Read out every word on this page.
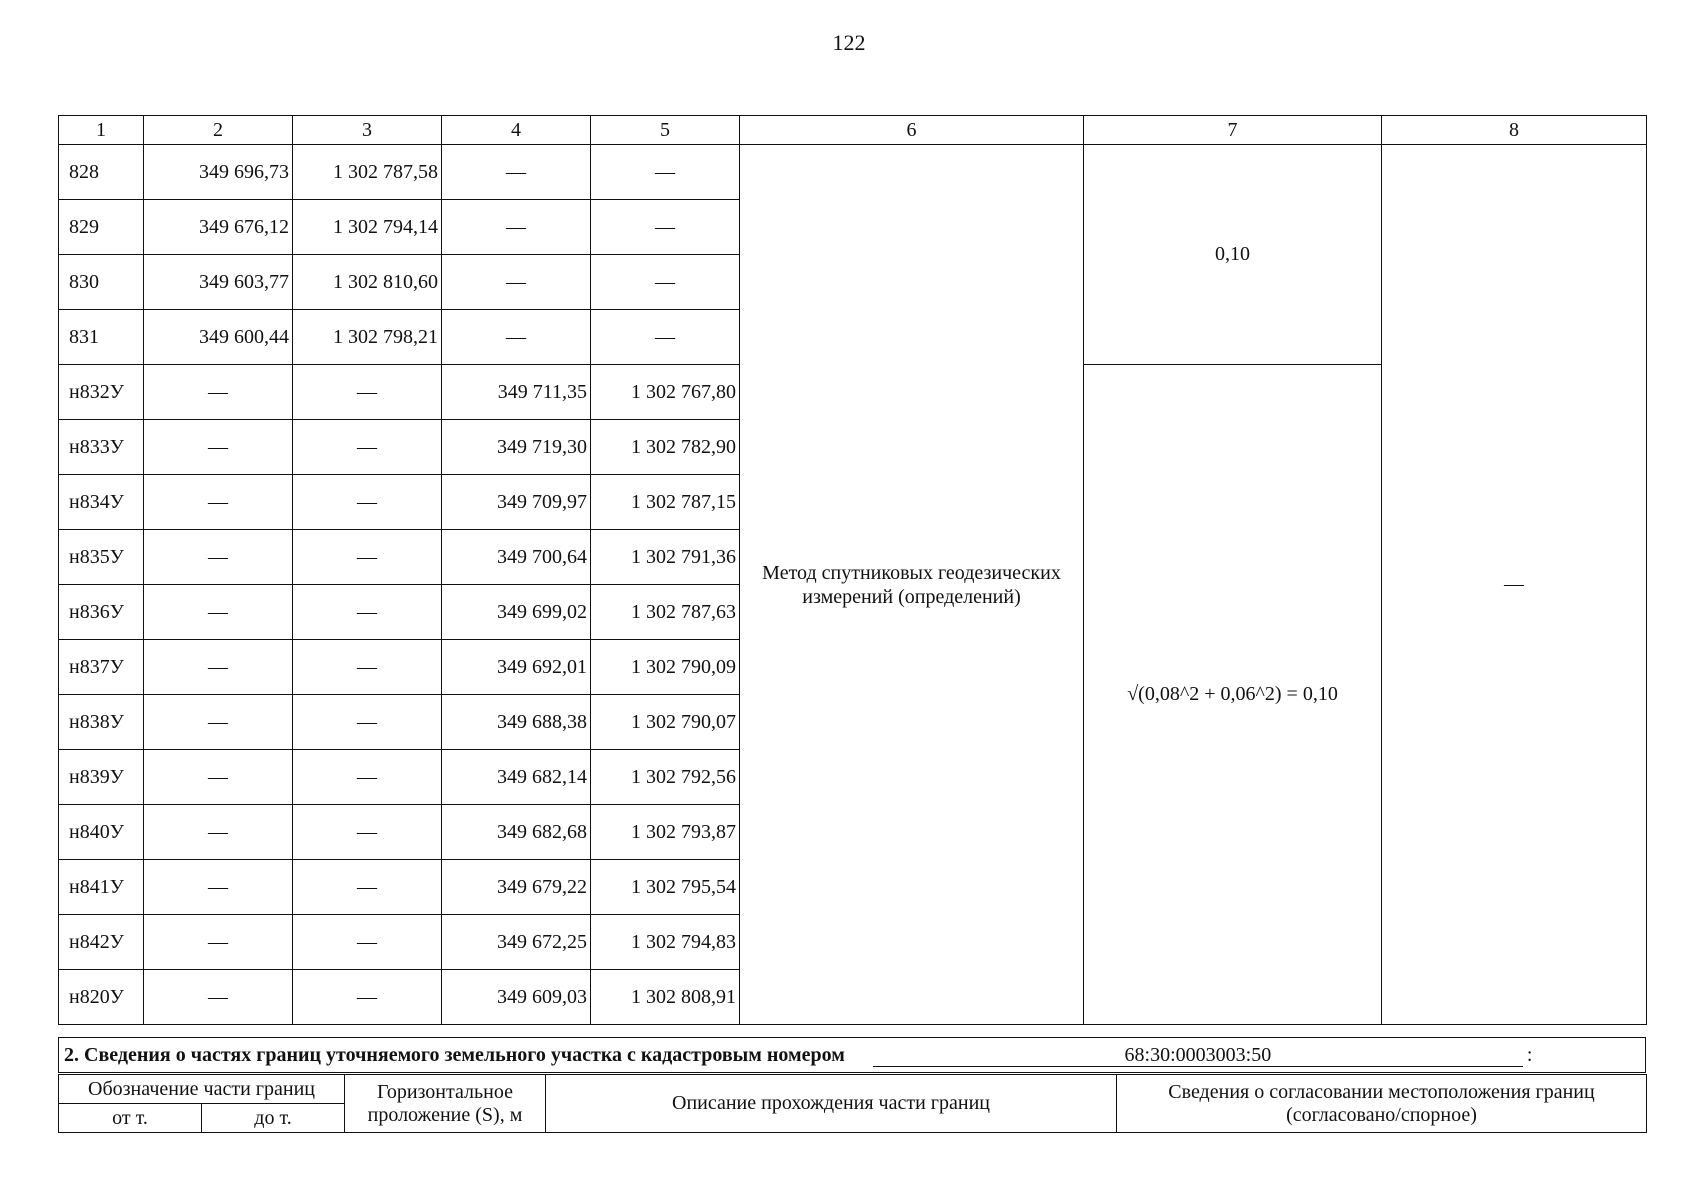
122
1	2	3	4	5	6	7	8
828	349 696,73	1 302 787,58	—	—	Метод спутниковых геодезических измерений (определений)	0,10	—
829	349 676,12	1 302 794,14	—	—			
830	349 603,77	1 302 810,60	—	—			
831	349 600,44	1 302 798,21	—	—			
н832У	—	—	349 711,35	1 302 767,80		√(0,08^2 + 0,06^2) = 0,10	
н833У	—	—	349 719,30	1 302 782,90			
н834У	—	—	349 709,97	1 302 787,15			
н835У	—	—	349 700,64	1 302 791,36			
н836У	—	—	349 699,02	1 302 787,63			
н837У	—	—	349 692,01	1 302 790,09			
н838У	—	—	349 688,38	1 302 790,07			
н839У	—	—	349 682,14	1 302 792,56			
н840У	—	—	349 682,68	1 302 793,87			
н841У	—	—	349 679,22	1 302 795,54			
н842У	—	—	349 672,25	1 302 794,83			
н820У	—	—	349 609,03	1 302 808,91			
2. Сведения о частях границ уточняемого земельного участка с кадастровым номером	68:30:0003003:50	:
Обозначение части границ		Горизонтальное проложение (S), м	Описание прохождения части границ	Сведения о согласовании местоположения границ (согласовано/спорное)
от т.	до т.			
